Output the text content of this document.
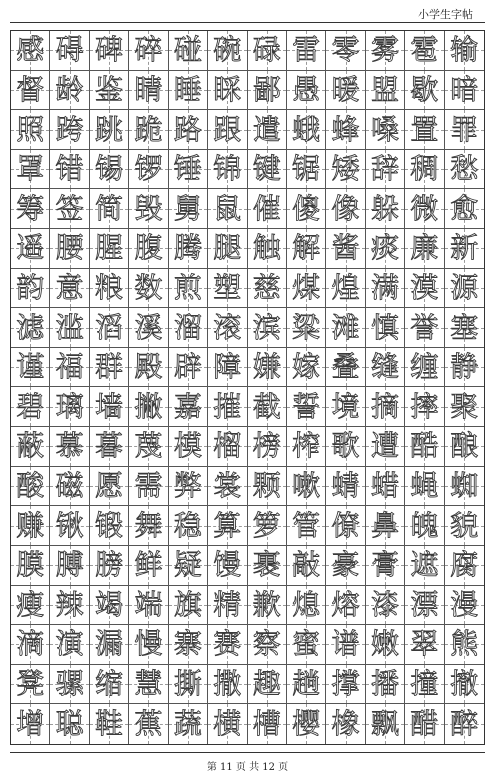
小学生字帖
感 碍 碑 碎 碰 碗 碌 雷 零 雾 雹 输
督 龄 鉴 睛 睡 睬 鄙 愚 暖 盟 歇 暗
照 跨 跳 跪 路 跟 遣 蛾 蜂 嗓 置 罪
罩 错 锡 锣 锤 锦 键 锯 矮 辞 稠 愁
筹 签 简 毁 舅 鼠 催 傻 像 躲 微 愈
遥 腰 腥 腹 腾 腿 触 解 酱 痰 廉 新
韵 意 粮 数 煎 塑 慈 煤 煌 满 漠 源
滤 滥 滔 溪 溜 滚 滨 粱 滩 慎 誉 塞
谨 福 群 殿 辟 障 嫌 嫁 叠 缝 缠 静
碧 璃 墙 撇 嘉 摧 截 誓 境 摘 摔 聚
蔽 慕 暮 蔑 模 榴 榜 榨 歌 遭 酷 酿
酸 磁 愿 需 弊 裳 颗 嗽 蜻 蜡 蝇 蜘
赚 锹 锻 舞 稳 算 箩 管 僚 鼻 魄 貌
膜 膊 膀 鲜 疑 馒 裹 敲 豪 膏 遮 腐
瘦 辣 竭 端 旗 精 歉 熄 熔 漆 漂 漫
滴 演 漏 慢 寨 赛 察 蜜 谱 嫩 翠 熊
凳 骡 缩 慧 撕 撒 趣 趟 撑 播 撞 撤
增 聪 鞋 蕉 蔬 横 槽 樱 橡 飘 醋 醉
第 11 页 共 12 页
